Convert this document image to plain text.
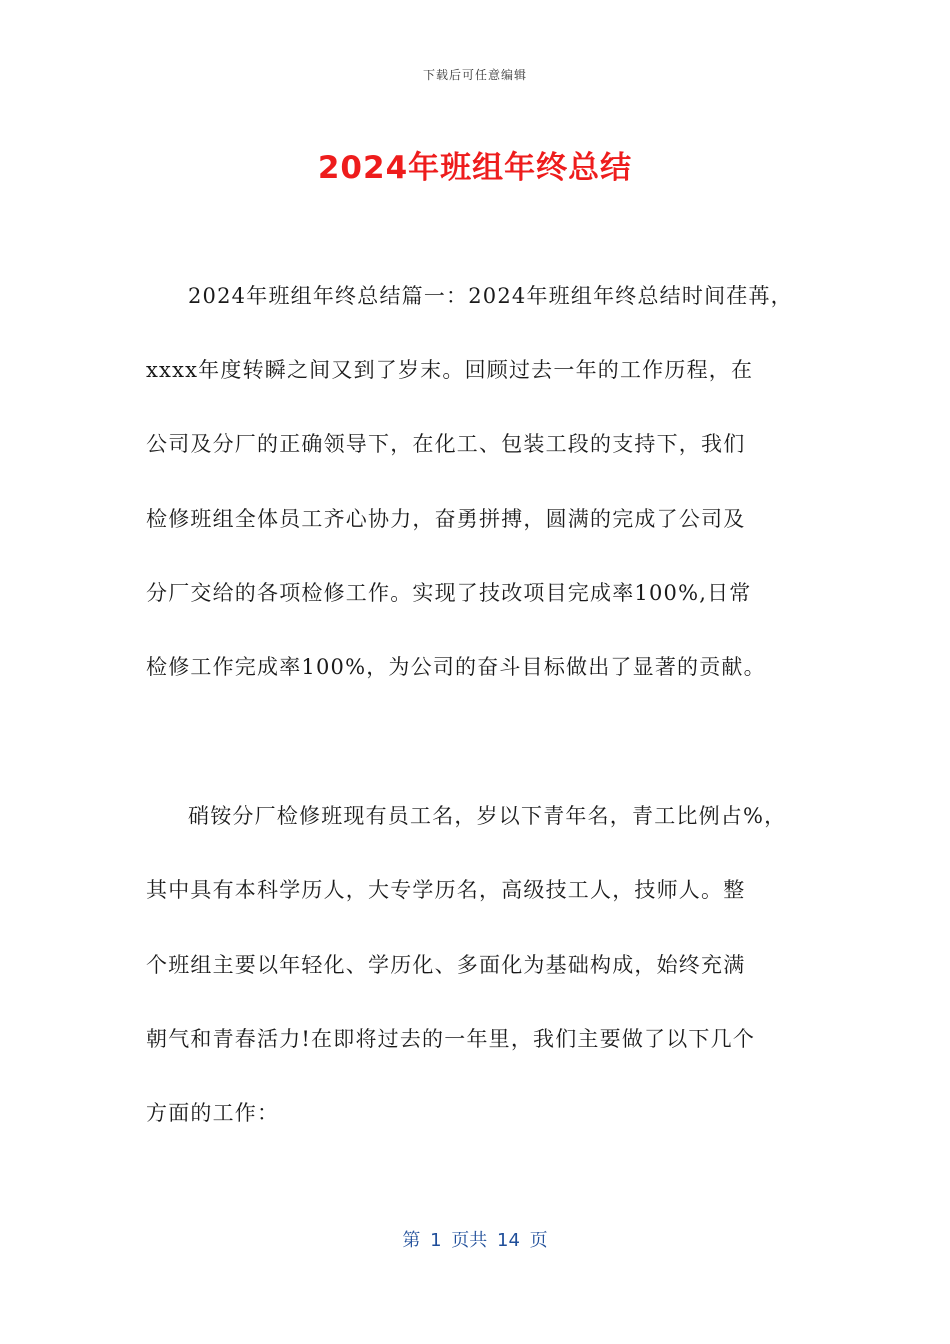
下载后可任意编辑
2024年班组年终总结
2024年班组年终总结篇一：2024年班组年终总结时间荏苒，
xxxx年度转瞬之间又到了岁末。回顾过去一年的工作历程，在
公司及分厂的正确领导下，在化工、包装工段的支持下，我们
检修班组全体员工齐心协力，奋勇拼搏，圆满的完成了公司及
分厂交给的各项检修工作。实现了技改项目完成率100%,日常
检修工作完成率100%，为公司的奋斗目标做出了显著的贡献。
硝铵分厂检修班现有员工名，岁以下青年名，青工比例占%，
其中具有本科学历人，大专学历名，高级技工人，技师人。整
个班组主要以年轻化、学历化、多面化为基础构成，始终充满
朝气和青春活力!在即将过去的一年里，我们主要做了以下几个
方面的工作：
第 1 页共 14 页
